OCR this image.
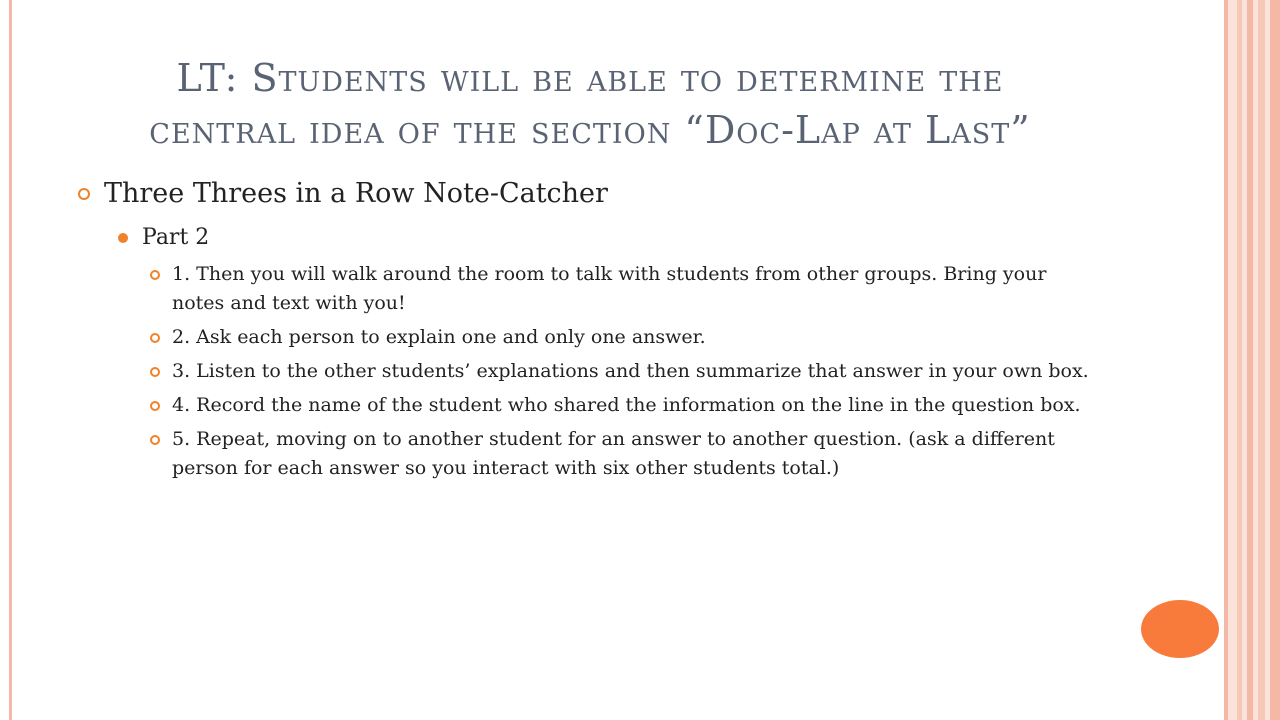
LT: Students will be able to determine the
central idea of the section “Doc-Lap at Last”
Three Threes in a Row Note-Catcher
Part 2
1. Then you will walk around the room to talk with students from other groups. Bring your notes and text with you!
2. Ask each person to explain one and only one answer.
3. Listen to the other students’ explanations and then summarize that answer in your own box.
4. Record the name of the student who shared the information on the line in the question box.
5. Repeat, moving on to another student for an answer to another question. (ask a different person for each answer so you interact with six other students total.)
